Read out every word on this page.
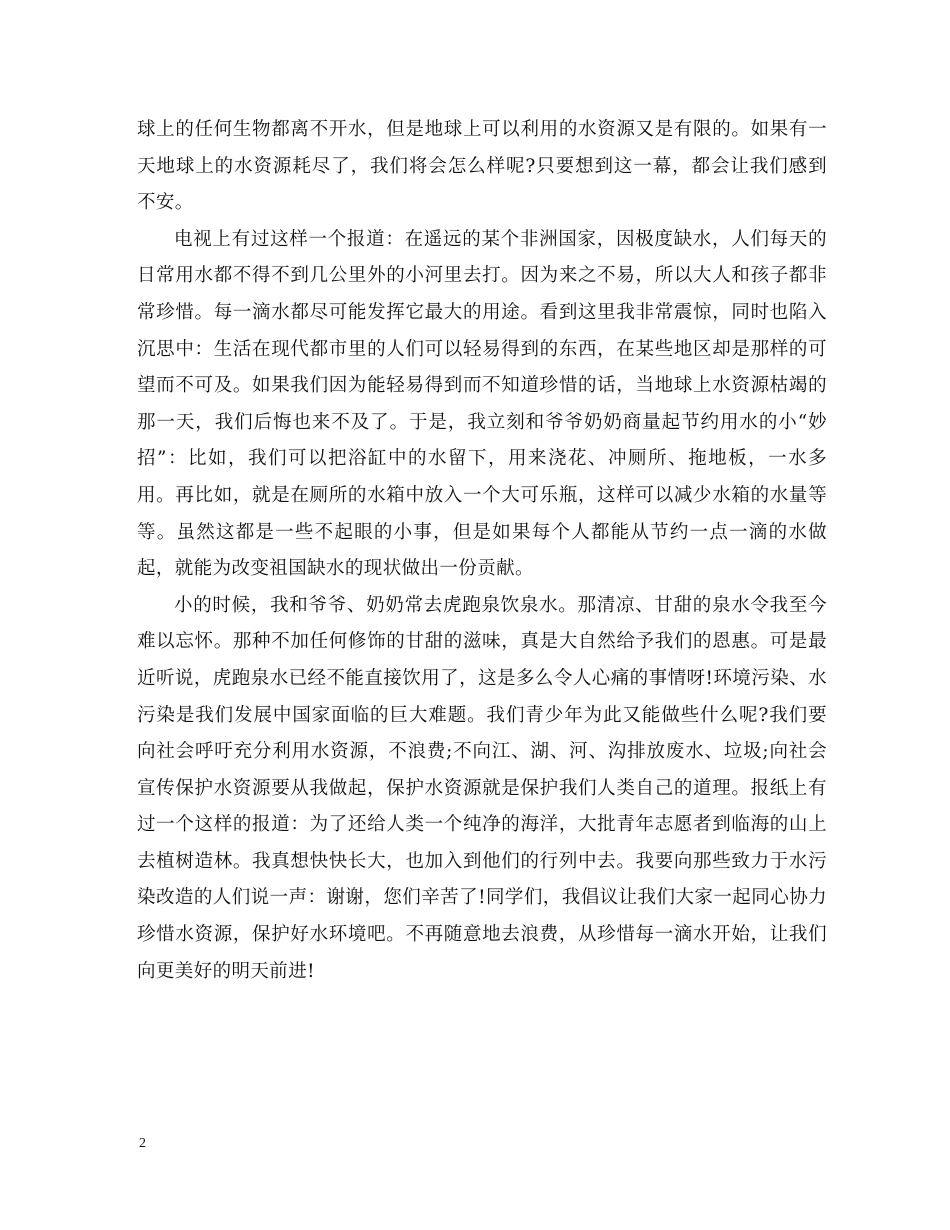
球上的任何生物都离不开水，但是地球上可以利用的水资源又是有限的。如果有一天地球上的水资源耗尽了，我们将会怎么样呢?只要想到这一幕，都会让我们感到不安。

电视上有过这样一个报道：在遥远的某个非洲国家，因极度缺水，人们每天的日常用水都不得不到几公里外的小河里去打。因为来之不易，所以大人和孩子都非常珍惜。每一滴水都尽可能发挥它最大的用途。看到这里我非常震惊，同时也陷入沉思中：生活在现代都市里的人们可以轻易得到的东西，在某些地区却是那样的可望而不可及。如果我们因为能轻易得到而不知道珍惜的话，当地球上水资源枯竭的那一天，我们后悔也来不及了。于是，我立刻和爷爷奶奶商量起节约用水的小“妙招”：比如，我们可以把浴缸中的水留下，用来浇花、冲厕所、拖地板，一水多用。再比如，就是在厕所的水箱中放入一个大可乐瓶，这样可以减少水箱的水量等等。虽然这都是一些不起眼的小事，但是如果每个人都能从节约一点一滴的水做起，就能为改变祖国缺水的现状做出一份贡献。

小的时候，我和爷爷、奶奶常去虎跑泉饮泉水。那清凉、甘甜的泉水令我至今难以忘怀。那种不加任何修饰的甘甜的滋味，真是大自然给予我们的恩惠。可是最近听说，虎跑泉水已经不能直接饮用了，这是多么令人心痛的事情呀!环境污染、水污染是我们发展中国家面临的巨大难题。我们青少年为此又能做些什么呢?我们要向社会呼吁充分利用水资源，不浪费;不向江、湖、河、沟排放废水、垃圾;向社会宣传保护水资源要从我做起，保护水资源就是保护我们人类自己的道理。报纸上有过一个这样的报道：为了还给人类一个纯净的海洋，大批青年志愿者到临海的山上去植树造林。我真想快快长大，也加入到他们的行列中去。我要向那些致力于水污染改造的人们说一声：谢谢，您们辛苦了!同学们，我倡议让我们大家一起同心协力珍惜水资源，保护好水环境吧。不再随意地去浪费，从珍惜每一滴水开始，让我们向更美好的明天前进!

2
